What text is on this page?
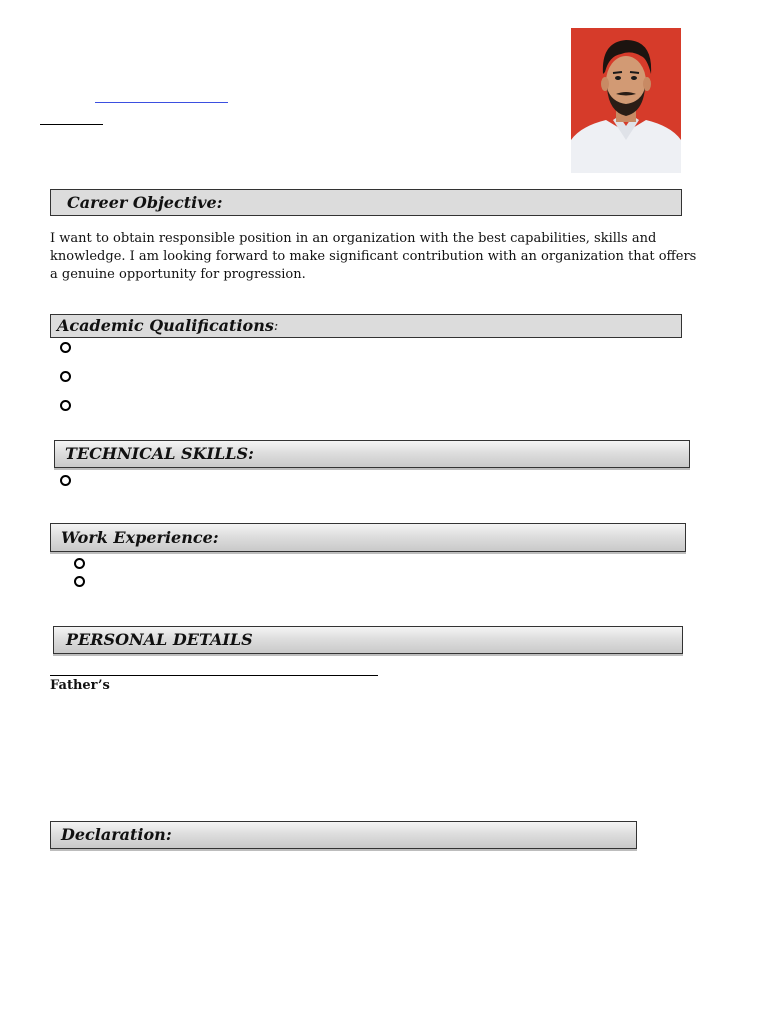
Career Objective:
I want to obtain responsible position in an organization with the best capabilities, skills and knowledge. I am looking forward to make significant contribution with an organization that offers a genuine opportunity for progression.
Academic Qualifications :
TECHNICAL SKILLS:
Work Experience:
PERSONAL DETAILS
Father’s
Declaration:
